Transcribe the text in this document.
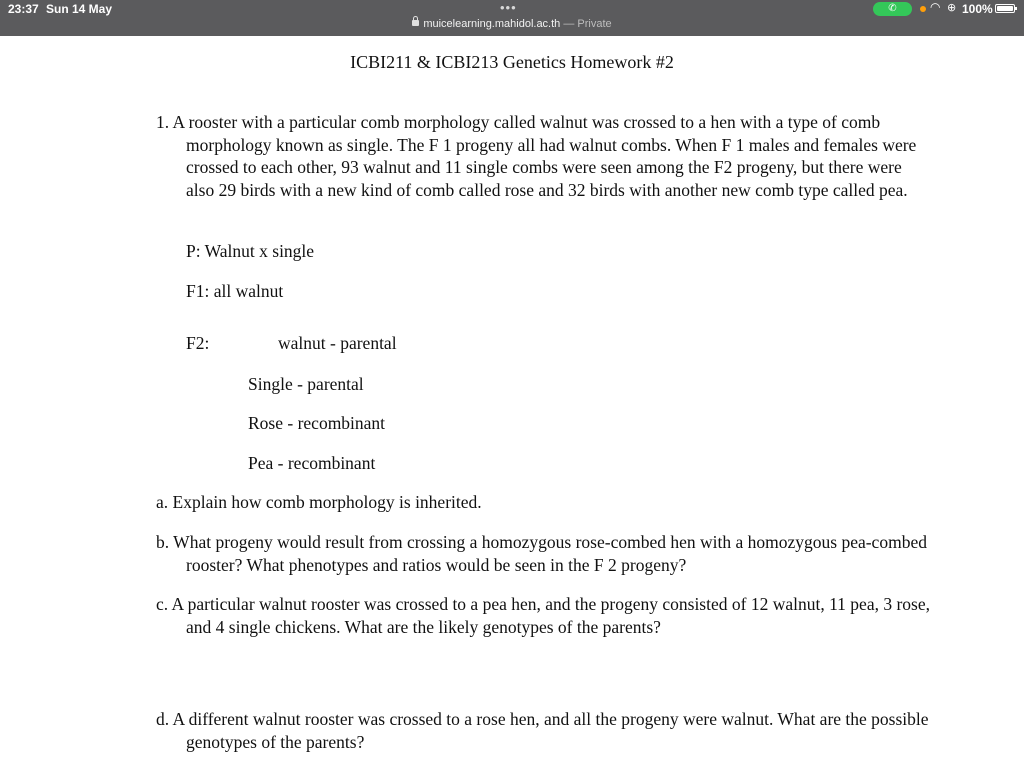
23:37 Sun 14 May	•••
muicelearning.mahidol.ac.th — Private
✆	◠ ⊕ 100%
ICBI211 & ICBI213 Genetics Homework #2
1. A rooster with a particular comb morphology called walnut was crossed to a hen with a type of comb morphology known as single. The F 1 progeny all had walnut combs. When F 1 males and females were crossed to each other, 93 walnut and 11 single combs were seen among the F2 progeny, but there were also 29 birds with a new kind of comb called rose and 32 birds with another new comb type called pea.
P: Walnut x single
F1: all walnut
F2:	walnut - parental
Single - parental
Rose - recombinant
Pea - recombinant
a. Explain how comb morphology is inherited.
b. What progeny would result from crossing a homozygous rose-combed hen with a homozygous pea-combed rooster? What phenotypes and ratios would be seen in the F 2 progeny?
c. A particular walnut rooster was crossed to a pea hen, and the progeny consisted of 12 walnut, 11 pea, 3 rose, and 4 single chickens. What are the likely genotypes of the parents?
d. A different walnut rooster was crossed to a rose hen, and all the progeny were walnut. What are the possible genotypes of the parents?
